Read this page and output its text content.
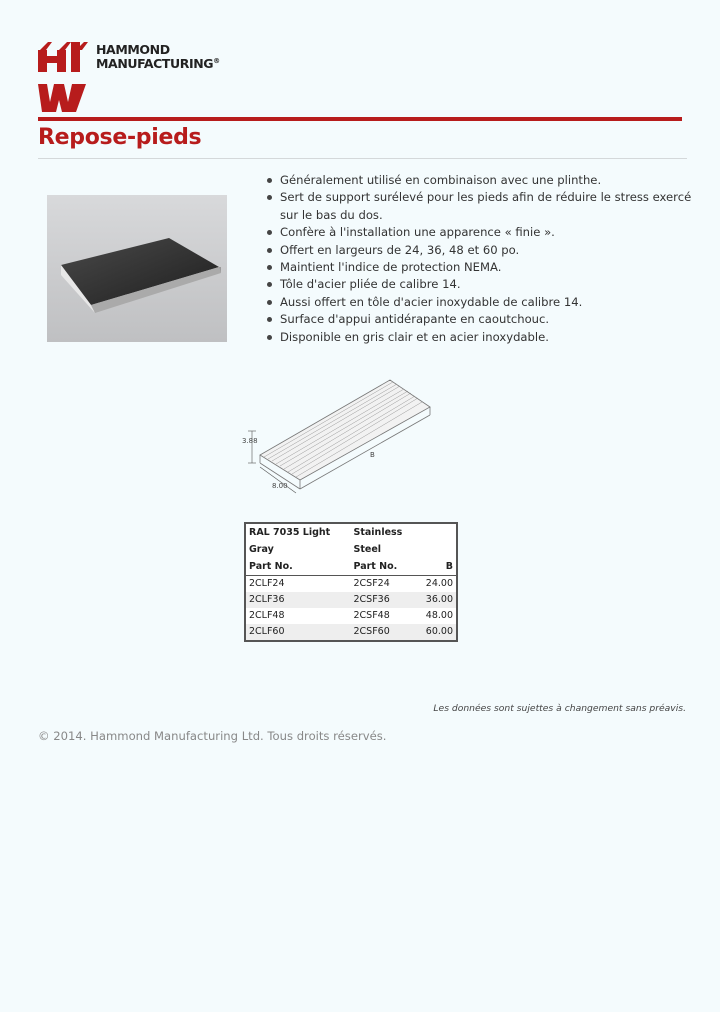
HAMMOND
MANUFACTURING®
Repose-pieds
Généralement utilisé en combinaison avec une plinthe.
Sert de support surélevé pour les pieds afin de réduire le stress exercé sur le bas du dos.
Confère à l'installation une apparence « finie ».
Offert en largeurs de 24, 36, 48 et 60 po.
Maintient l'indice de protection NEMA.
Tôle d'acier pliée de calibre 14.
Aussi offert en tôle d'acier inoxydable de calibre 14.
Surface d'appui antidérapante en caoutchouc.
Disponible en gris clair et en acier inoxydable.
3.88
8.00
B
RAL 7035 Light	Stainless	
Gray	Steel	
Part No.	Part No.	B
2CLF24	2CSF24	24.00
2CLF36	2CSF36	36.00
2CLF48	2CSF48	48.00
2CLF60	2CSF60	60.00
Les données sont sujettes à changement sans préavis.
© 2014. Hammond Manufacturing Ltd. Tous droits réservés.
